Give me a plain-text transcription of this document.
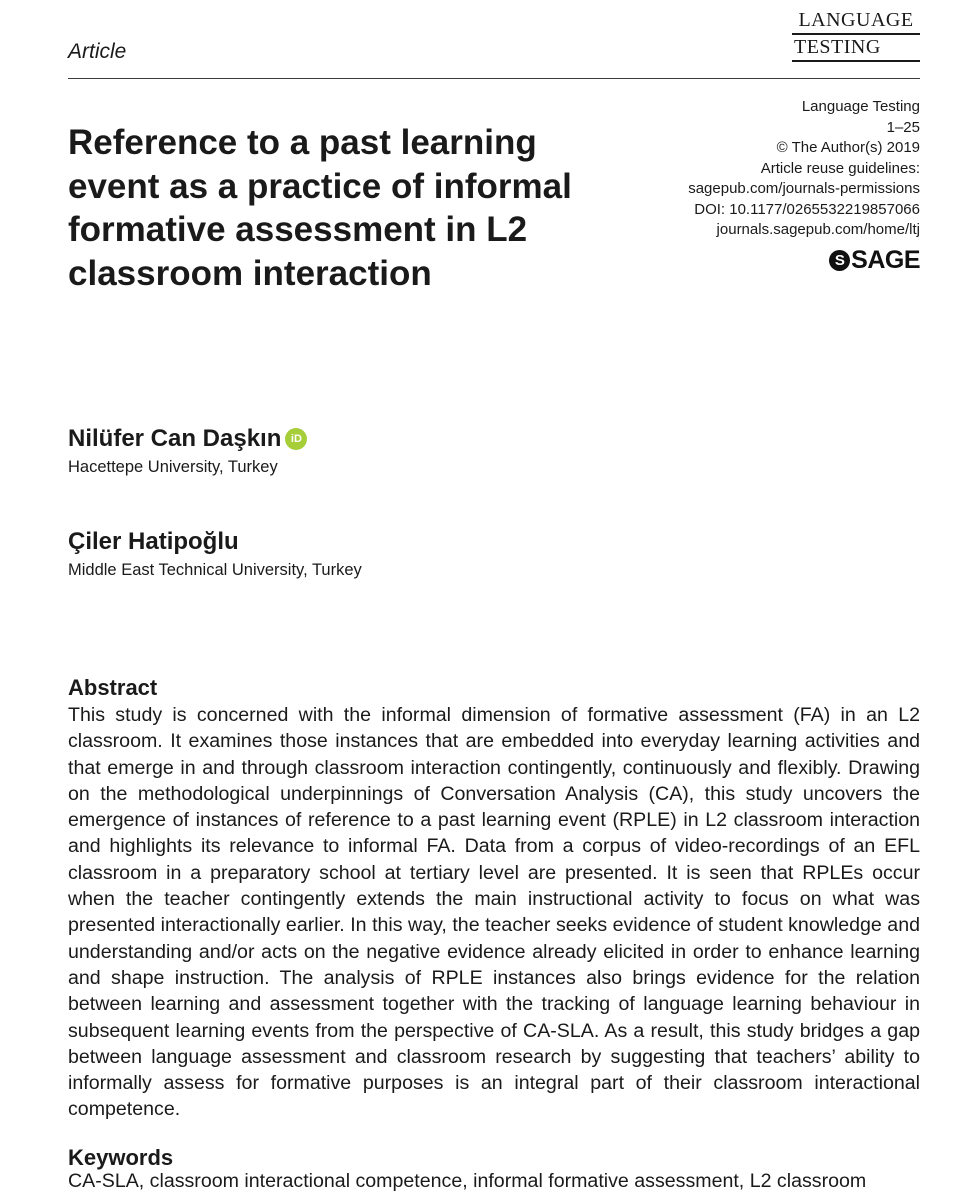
LANGUAGE
TESTING
Article
Language Testing
1–25
© The Author(s) 2019
Article reuse guidelines:
sagepub.com/journals-permissions
DOI: 10.1177/0265532219857066
journals.sagepub.com/home/ltj
S SAGE
Reference to a past learning event as a practice of informal formative assessment in L2 classroom interaction
Nilüfer Can Daşkın iD
Hacettepe University, Turkey
Çiler Hatipoğlu
Middle East Technical University, Turkey
Abstract

This study is concerned with the informal dimension of formative assessment (FA) in an L2 classroom. It examines those instances that are embedded into everyday learning activities and that emerge in and through classroom interaction contingently, continuously and flexibly. Drawing on the methodological underpinnings of Conversation Analysis (CA), this study uncovers the emergence of instances of reference to a past learning event (RPLE) in L2 classroom interaction and highlights its relevance to informal FA. Data from a corpus of video-recordings of an EFL classroom in a preparatory school at tertiary level are presented. It is seen that RPLEs occur when the teacher contingently extends the main instructional activity to focus on what was presented interactionally earlier. In this way, the teacher seeks evidence of student knowledge and understanding and/or acts on the negative evidence already elicited in order to enhance learning and shape instruction. The analysis of RPLE instances also brings evidence for the relation between learning and assessment together with the tracking of language learning behaviour in subsequent learning events from the perspective of CA-SLA. As a result, this study bridges a gap between language assessment and classroom research by suggesting that teachers’ ability to informally assess for formative purposes is an integral part of their classroom interactional competence.

Keywords

CA-SLA, classroom interactional competence, informal formative assessment, L2 classroom
